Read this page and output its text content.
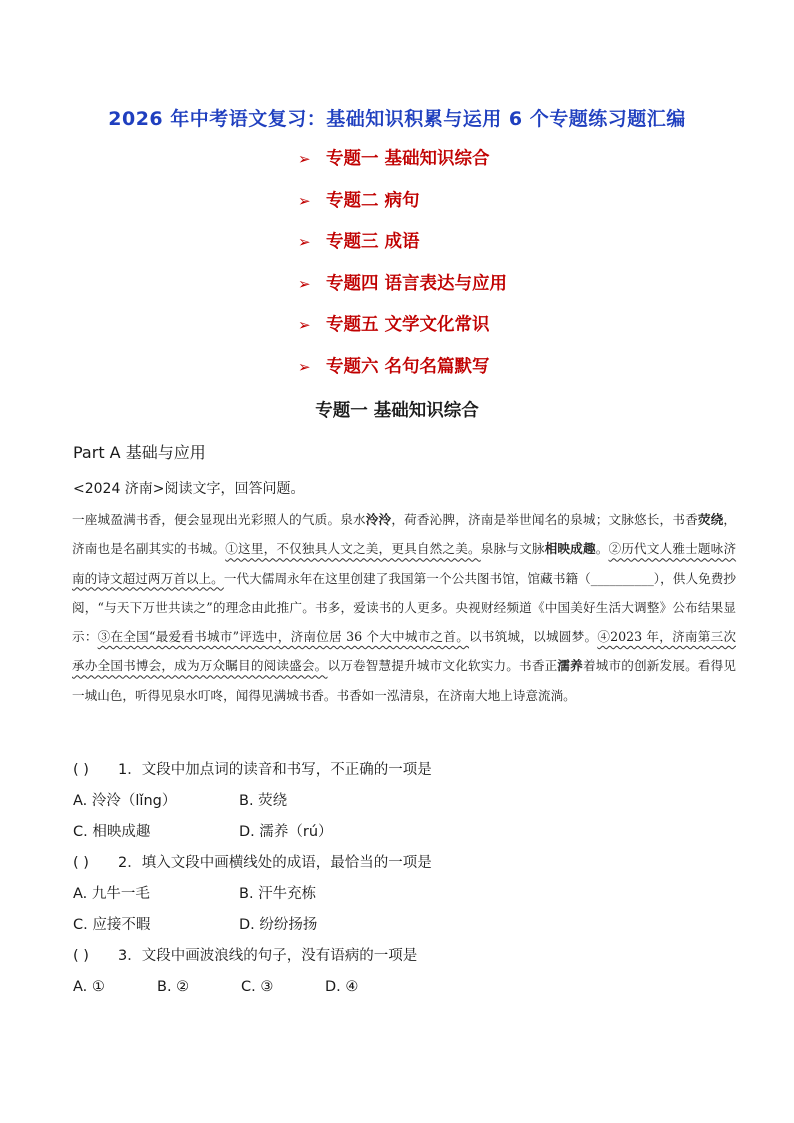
2026 年中考语文复习：基础知识积累与运用 6 个专题练习题汇编
➢ 专题一 基础知识综合
➢ 专题二 病句
➢ 专题三 成语
➢ 专题四 语言表达与应用
➢ 专题五 文学文化常识
➢ 专题六 名句名篇默写
专题一 基础知识综合
Part A 基础与应用
<2024 济南>阅读文字，回答问题。

一座城盈满书香，便会显现出光彩照人的气质。泉水泠泠，荷香沁脾，济南是举世闻名的泉城；文脉悠长，书香荧绕，济南也是名副其实的书城。①这里，不仅独具人文之美，更具自然之美。泉脉与文脉相映成趣。②历代文人雅士题咏济南的诗文超过两万首以上。一代大儒周永年在这里创建了我国第一个公共图书馆，馆藏书籍（__________），供人免费抄阅，“与天下万世共读之”的理念由此推广。书多，爱读书的人更多。央视财经频道《中国美好生活大调整》公布结果显示：③在全国“最爱看书城市”评选中，济南位居 36 个大中城市之首。以书筑城，以城圆梦。④2023 年，济南第三次承办全国书博会，成为万众瞩目的阅读盛会。以万卷智慧提升城市文化软实力。书香正濡养着城市的创新发展。看得见一城山色，听得见泉水叮咚，闻得见满城书香。书香如一泓清泉，在济南大地上诗意流淌。

( ) 1．文段中加点词的读音和书写，不正确的一项是
A. 泠泠（lǐng）	B. 荧绕
C. 相映成趣	D. 濡养（rú）
( ) 2．填入文段中画横线处的成语，最恰当的一项是
A. 九牛一毛	B. 汗牛充栋
C. 应接不暇	D. 纷纷扬扬
( ) 3．文段中画波浪线的句子，没有语病的一项是
A. ①	B. ②	C. ③	D. ④
